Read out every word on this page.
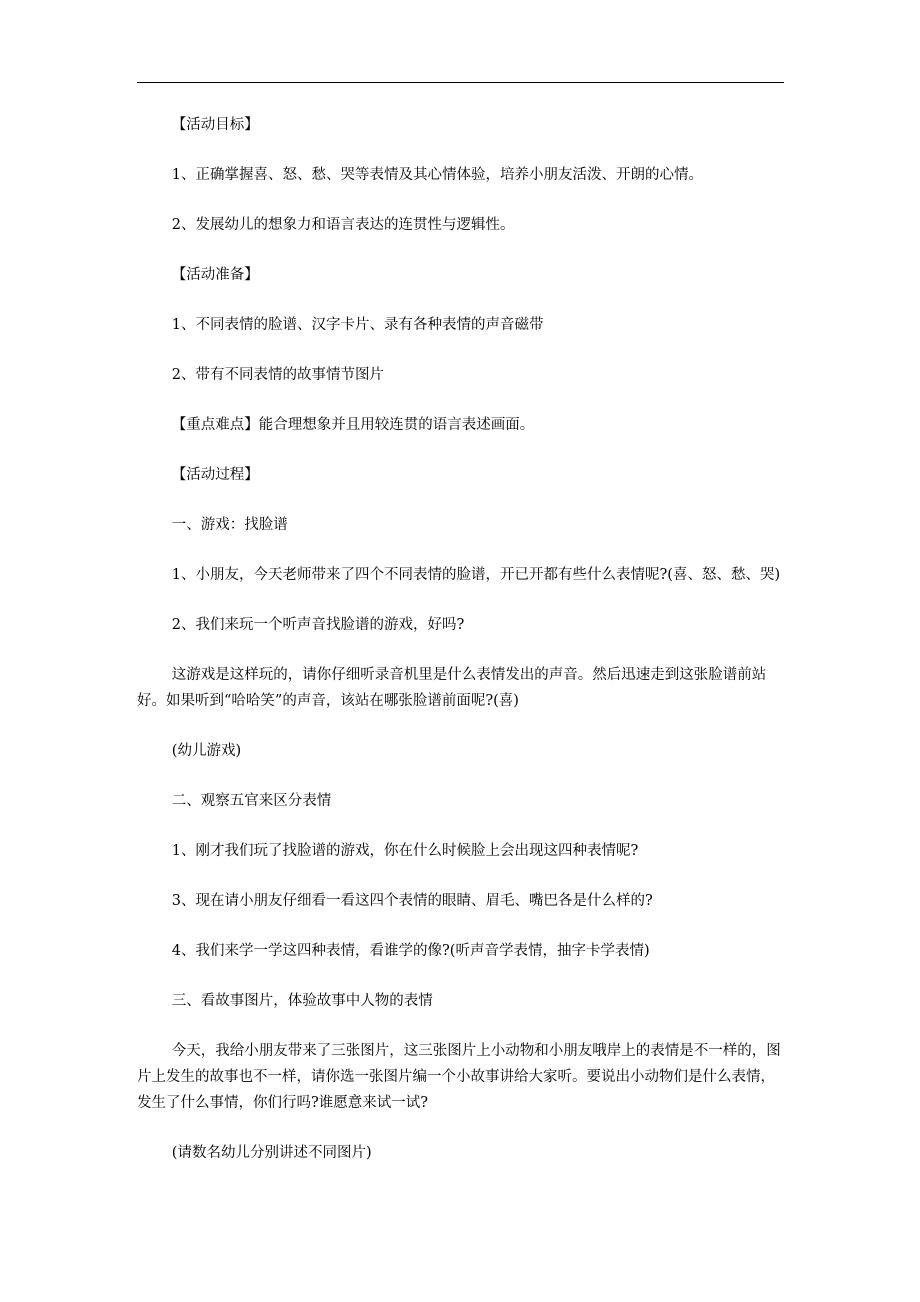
【活动目标】

1、正确掌握喜、怒、愁、哭等表情及其心情体验，培养小朋友活泼、开朗的心情。

2、发展幼儿的想象力和语言表达的连贯性与逻辑性。

【活动准备】

1、不同表情的脸谱、汉字卡片、录有各种表情的声音磁带

2、带有不同表情的故事情节图片

【重点难点】能合理想象并且用较连贯的语言表述画面。

【活动过程】

一、游戏：找脸谱

1、小朋友，今天老师带来了四个不同表情的脸谱，开已开都有些什么表情呢?(喜、怒、愁、哭)

2、我们来玩一个听声音找脸谱的游戏，好吗?

这游戏是这样玩的，请你仔细听录音机里是什么表情发出的声音。然后迅速走到这张脸谱前站好。如果听到“哈哈笑”的声音，该站在哪张脸谱前面呢?(喜)

(幼儿游戏)

二、观察五官来区分表情

1、刚才我们玩了找脸谱的游戏，你在什么时候脸上会出现这四种表情呢?

3、现在请小朋友仔细看一看这四个表情的眼睛、眉毛、嘴巴各是什么样的?

4、我们来学一学这四种表情，看谁学的像?(听声音学表情，抽字卡学表情)

三、看故事图片，体验故事中人物的表情

今天，我给小朋友带来了三张图片，这三张图片上小动物和小朋友哦岸上的表情是不一样的，图片上发生的故事也不一样，请你选一张图片编一个小故事讲给大家听。要说出小动物们是什么表情，发生了什么事情，你们行吗?谁愿意来试一试?

(请数名幼儿分别讲述不同图片)
